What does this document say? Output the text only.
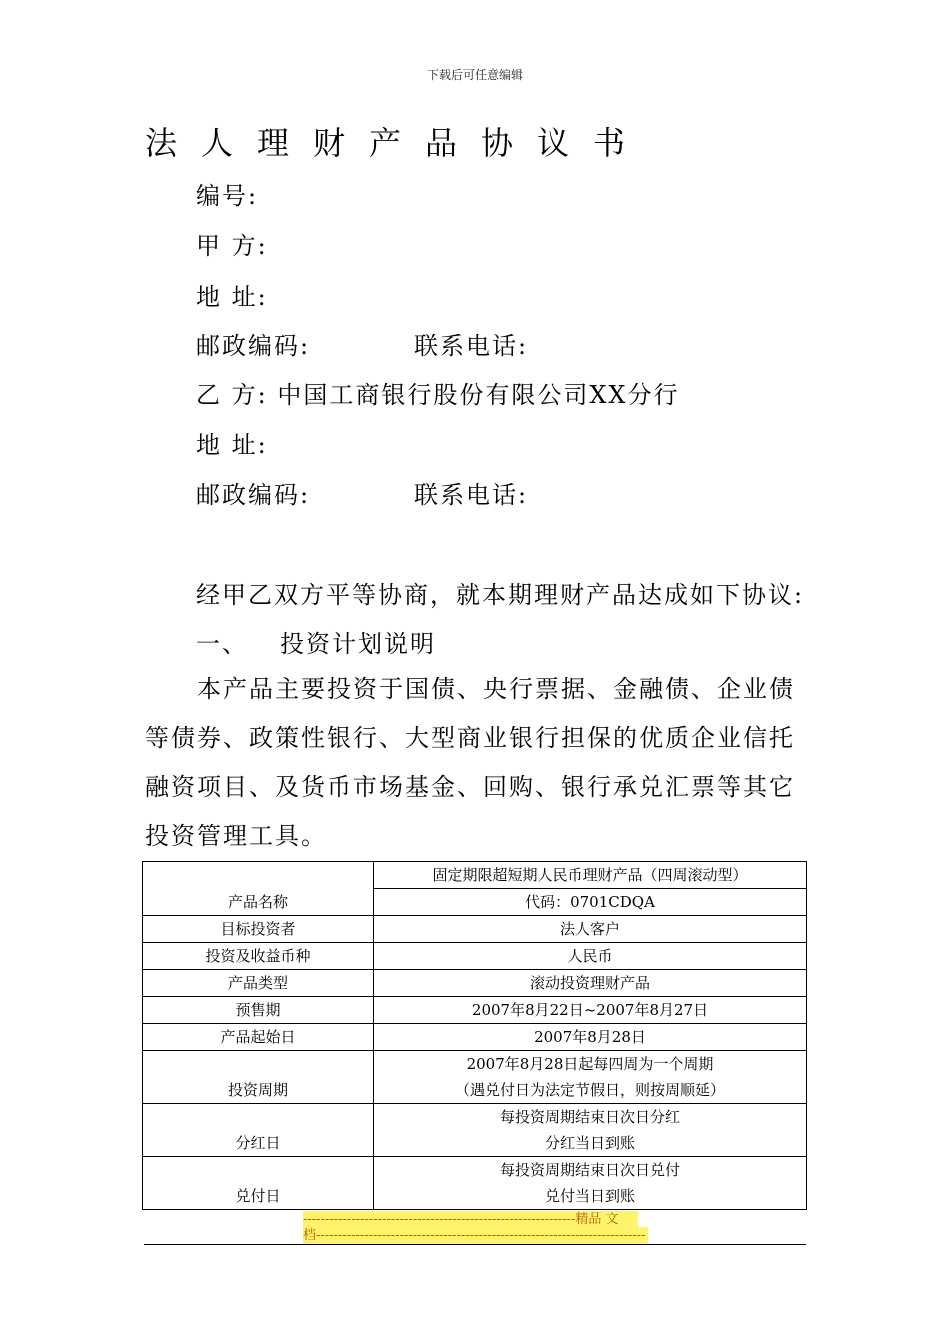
下载后可任意编辑
法人理财产品协议书
编号:
甲 方:
地 址:
邮政编码:	联系电话:
乙 方: 中国工商银行股份有限公司XX分行
地 址:
邮政编码:	联系电话:
经甲乙双方平等协商，就本期理财产品达成如下协议:
一、 投资计划说明
本产品主要投资于国债、央行票据、金融债、企业债等债券、政策性银行、大型商业银行担保的优质企业信托融资项目、及货币市场基金、回购、银行承兑汇票等其它投资管理工具。
产品名称	固定期限超短期人民币理财产品（四周滚动型）
	代码：0701CDQA
目标投资者	法人客户
投资及收益币种	人民币
产品类型	滚动投资理财产品
预售期	2007年8月22日~2007年8月27日
产品起始日	2007年8月28日
投资周期	2007年8月28日起每四周为一个周期
（遇兑付日为法定节假日，则按周顺延）

分红日	每投资周期结束日次日分红
分红当日到账

兑付日	每投资周期结束日次日兑付
兑付当日到账
--------------------------------------------------------------精品 文
档---------------------------------------------------------------------------
